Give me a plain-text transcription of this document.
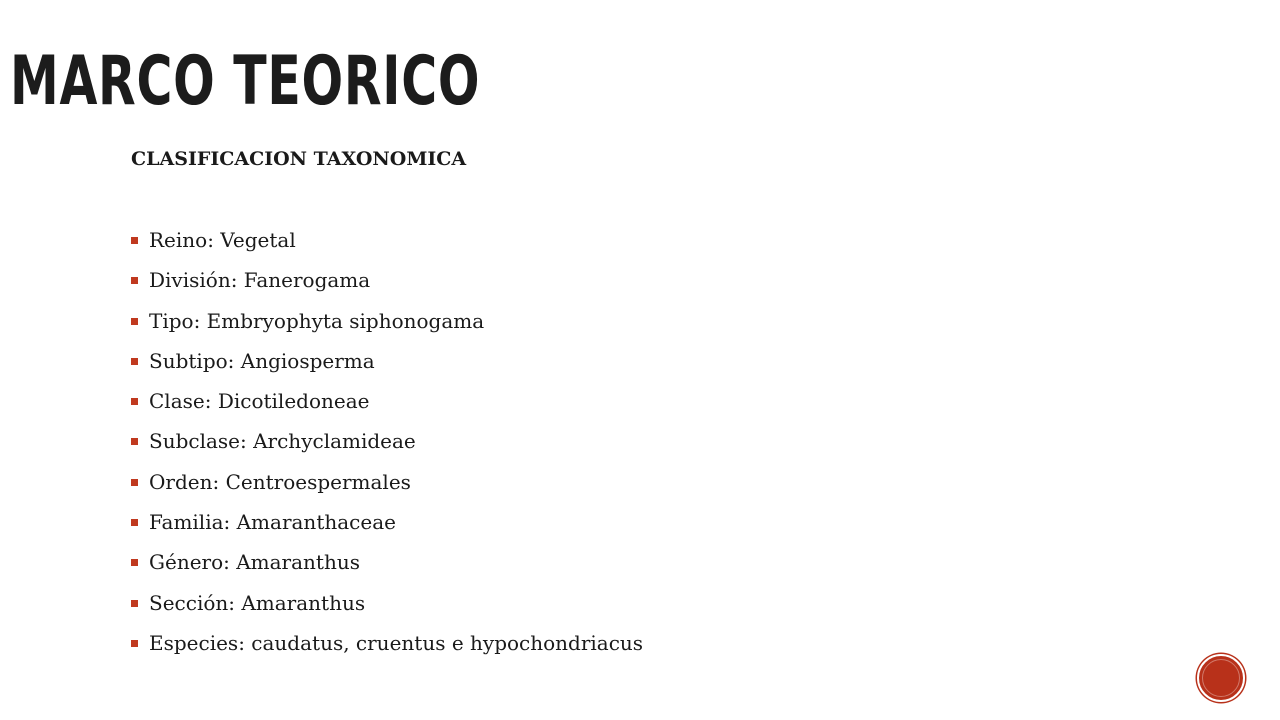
MARCO TEORICO
CLASIFICACION TAXONOMICA
Reino: Vegetal
División: Fanerogama
Tipo: Embryophyta siphonogama
Subtipo: Angiosperma
Clase: Dicotiledoneae
Subclase: Archyclamideae
Orden: Centroespermales
Familia: Amaranthaceae
Género: Amaranthus
Sección: Amaranthus
Especies: caudatus, cruentus e hypochondriacus
